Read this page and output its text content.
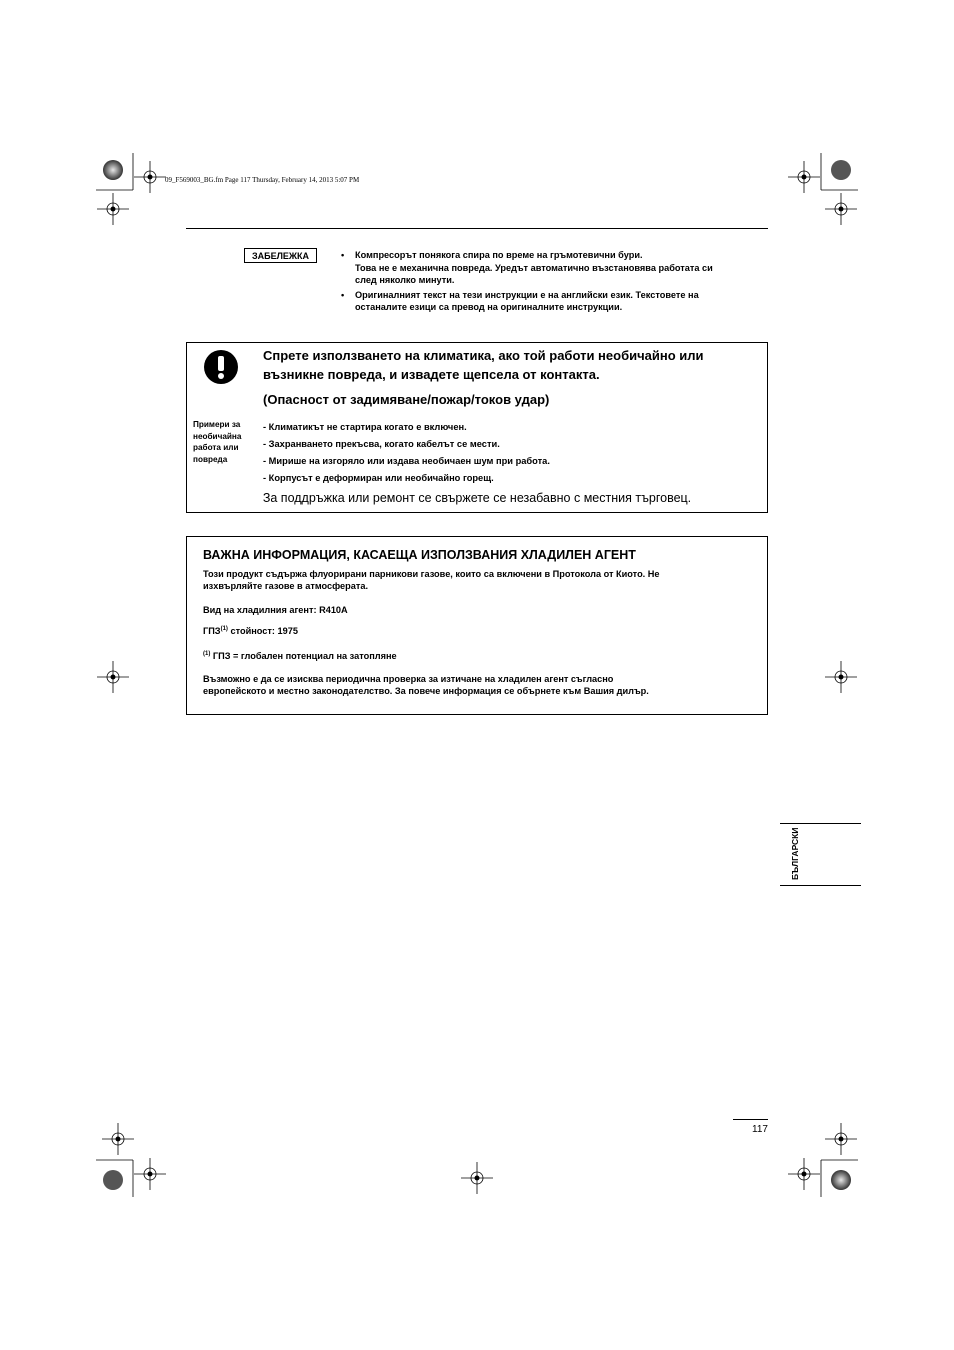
09_F569003_BG.fm Page 117 Thursday, February 14, 2013 5:07 PM
ЗАБЕЛЕЖКА	• Компресорът понякога спира по време на гръмотевични бури.
Това не е механична повреда. Уредът автоматично възстановява работата си
след няколко минути.
• Оригиналният текст на тези инструкции е на английски език. Текстовете на
останалите езици са превод на оригиналните инструкции.
Спрете използването на климатика, ако той работи необичайно или
възникне повреда, и извадете щепсела от контакта.
(Опасност от задимяване/пожар/токов удар)
Примери за
необичайна
работа или
повреда
- Климатикът не стартира когато е включен.
- Захранването прекъсва, когато кабелът се мести.
- Мирише на изгоряло или издава необичаен шум при работа.
- Корпусът е деформиран или необичайно горещ.
За поддръжка или ремонт се свържете се незабавно с местния търговец.
ВАЖНА ИНФОРМАЦИЯ, КАСАЕЩА ИЗПОЛЗВАНИЯ ХЛАДИЛЕН АГЕНТ
Този продукт съдържа флуорирани парникови газове, които са включени в Протокола от Киото. Не
изхвърляйте газове в атмосферата.
Вид на хладилния агент: R410A
ГПЗ$^{(1)}$ стойност: 1975
$^{(1)}$ ГПЗ = глобален потенциал на затопляне
Възможно е да се изисква периодична проверка за изтичане на хладилен агент съгласно
европейското и местно законодателство. За повече информация се обърнете към Вашия дилър.
БЪЛГАРСКИ
117
